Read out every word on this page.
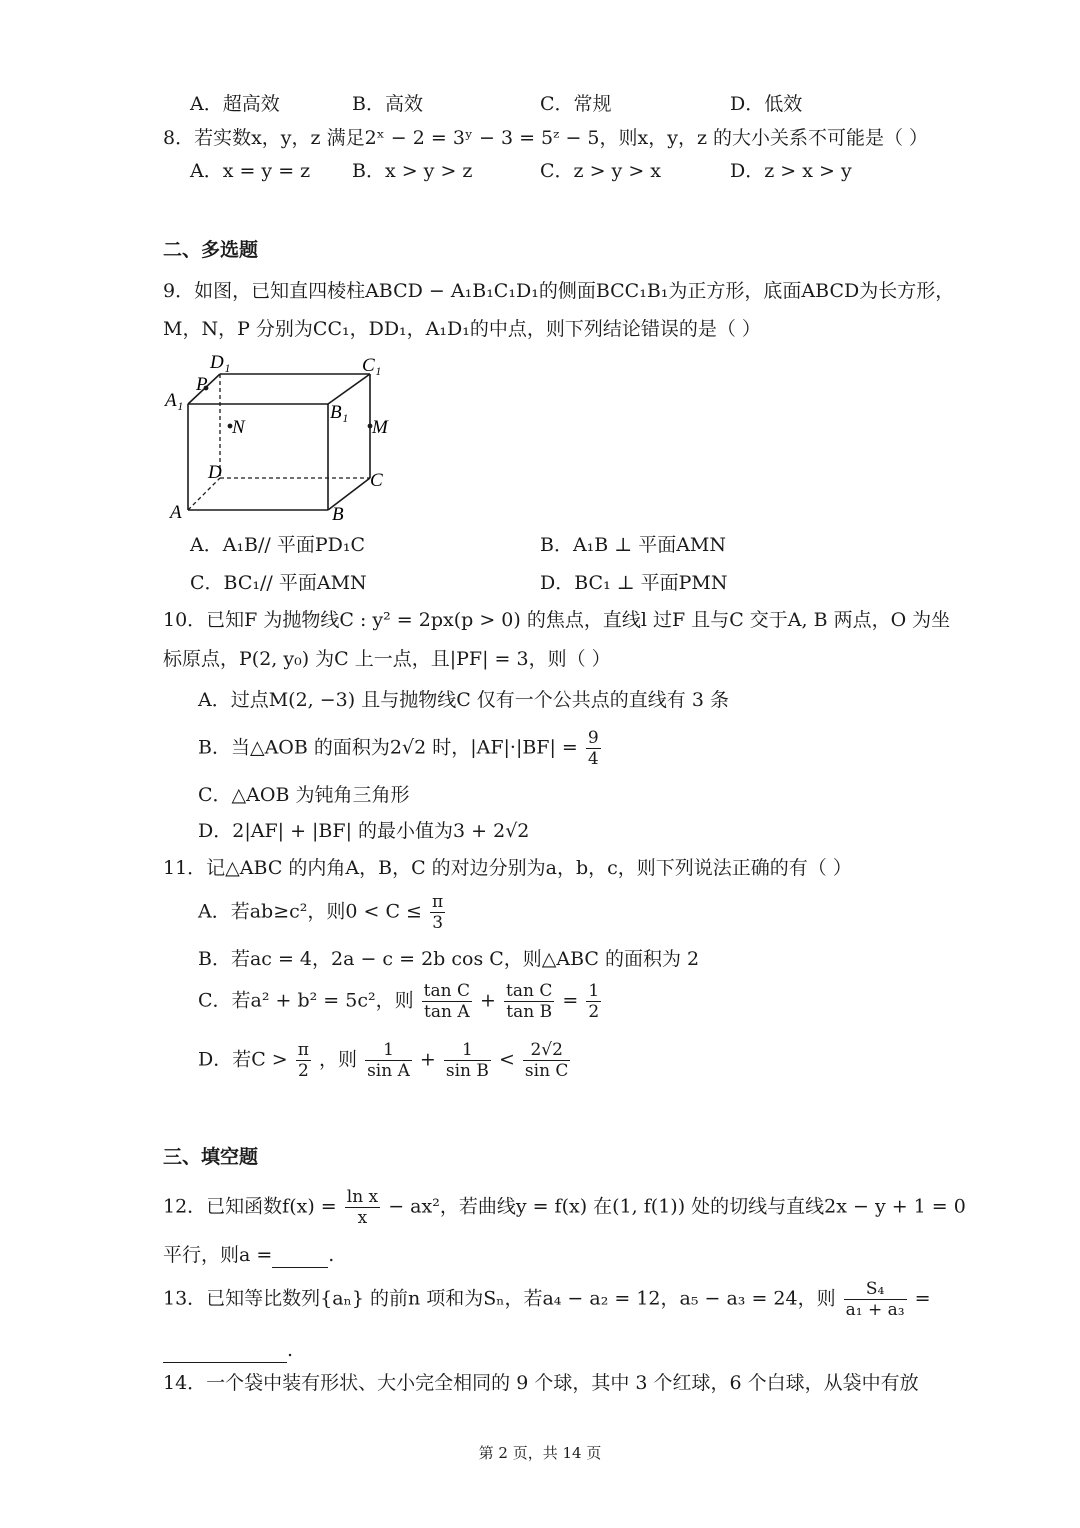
A．超高效	B．高效	C．常规	D．低效
8．若实数x，y，z 满足2ˣ − 2 = 3ʸ − 3 = 5ᶻ − 5，则x，y，z 的大小关系不可能是（ ）
A．x = y = z B．x > y > z	C．z > y > x	D．z > x > y
二、多选题
9．如图，已知直四棱柱ABCD − A₁B₁C₁D₁的侧面BCC₁B₁为正方形，底面ABCD为长方形，
M，N，P 分别为CC₁，DD₁，A₁D₁的中点，则下列结论错误的是（ ）
D₁	C₁
P
A₁
B₁
N	M
D	C
A	B
A．A₁B// 平面PD₁C	B．A₁B ⊥ 平面AMN
C．BC₁// 平面AMN	D．BC₁ ⊥ 平面PMN
10．已知F 为抛物线C : y² = 2px(p > 0) 的焦点，直线l 过F 且与C 交于A, B 两点，O 为坐
标原点，P(2, y₀) 为C 上一点，且|PF| = 3，则（ ）
A．过点M(2, −3) 且与抛物线C 仅有一个公共点的直线有 3 条
B．当△AOB 的面积为2√2 时，$|AF|\cdot|BF| = \frac{9}{4}$
C．△AOB 为钝角三角形
D．2|AF| + |BF| 的最小值为3 + 2√2
11．记△ABC 的内角A，B，C 的对边分别为a，b，c，则下列说法正确的有（ ）
A．若ab≥c²，则$0 < C \le \frac{\pi}{3}$
B．若ac = 4，2a − c = 2b cos C，则△ABC 的面积为 2
C．若a² + b² = 5c²，则 $\frac{\text{tan C}}{\text{tan A}} + \frac{\text{tan C}}{\text{tan B}} = \frac{1}{2}$
D．若$C > \frac{\pi}{2}$ ，则 $\frac{1}{\text{sin A}} + \frac{1}{\text{sin B}} < \frac{2√2}{\text{sin C}}$
三、填空题
12．已知函数$f(x) = \frac{\text{ln x}}{x} - ax^2$，若曲线y = f(x) 在(1, f(1)) 处的切线与直线2x − y + 1 = 0
平行，则a =	.
13．已知等比数列{aₙ} 的前n 项和为Sₙ，若a₄ − a₂ = 12，a₅ − a₃ = 24，则 $\frac{\text{S₄}}{\text{a₁ + a₃}}$ =
.
14．一个袋中装有形状、大小完全相同的 9 个球，其中 3 个红球，6 个白球，从袋中有放
第 2 页，共 14 页
